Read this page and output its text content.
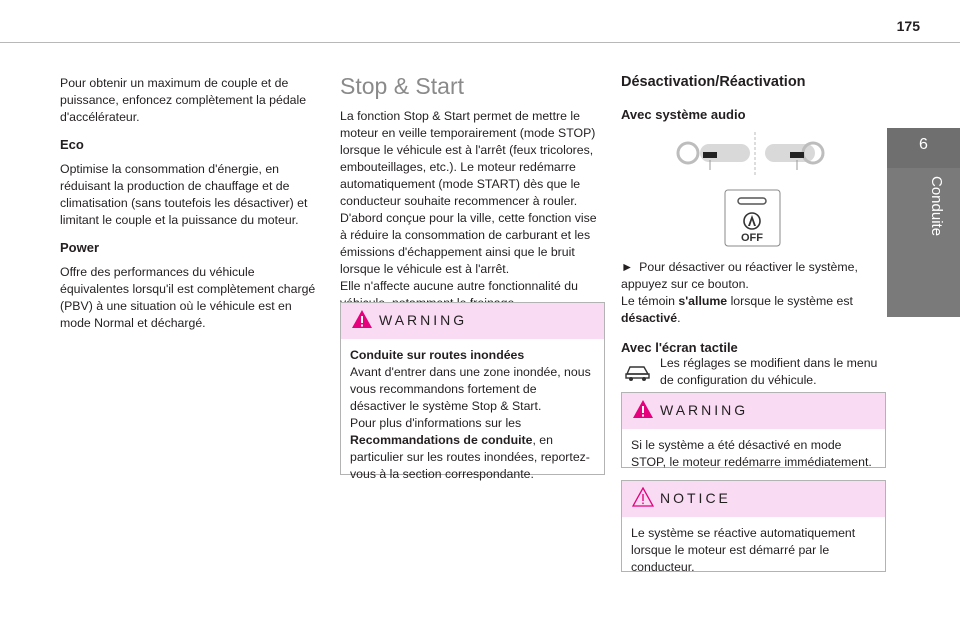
175
6
Conduite

Pour obtenir un maximum de couple et de puissance, enfoncez complètement la pédale d'accélérateur.

Eco

Optimise la consommation d'énergie, en réduisant la production de chauffage et de climatisation (sans toutefois les désactiver) et limitant le couple et la puissance du moteur.

Power

Offre des performances du véhicule équivalentes lorsqu'il est complètement chargé (PBV) à une situation où le véhicule est en mode Normal et déchargé.

Stop & Start

La fonction Stop & Start permet de mettre le moteur en veille temporairement (mode STOP) lorsque le véhicule est à l'arrêt (feux tricolores, embouteillages, etc.). Le moteur redémarre automatiquement (mode START) dès que le conducteur souhaite recommencer à rouler. D'abord conçue pour la ville, cette fonction vise à réduire la consommation de carburant et les émissions d'échappement ainsi que le bruit lorsque le véhicule est à l'arrêt.

Elle n'affecte aucune autre fonctionnalité du

WARNING
Conduite sur routes inondées
Avant d'entrer dans une zone inondée, nous vous recommandons fortement de désactiver le système Stop & Start.
Pour plus d'informations sur les Recommandations de conduite, en particulier sur les routes inondées, reportez-vous à la section correspondante.
Désactivation/Réactivation
Avec système audio
OFF
► Pour désactiver ou réactiver le système, appuyez sur ce bouton.
Le témoin s'allume lorsque le système est désactivé.
Avec l'écran tactile
Les réglages se modifient dans le menu de configuration du véhicule.
WARNING
Si le système a été désactivé en mode STOP, le moteur redémarre immédiatement.
NOTICE
Le système se réactive automatiquement lorsque le moteur est démarré par le conducteur.
